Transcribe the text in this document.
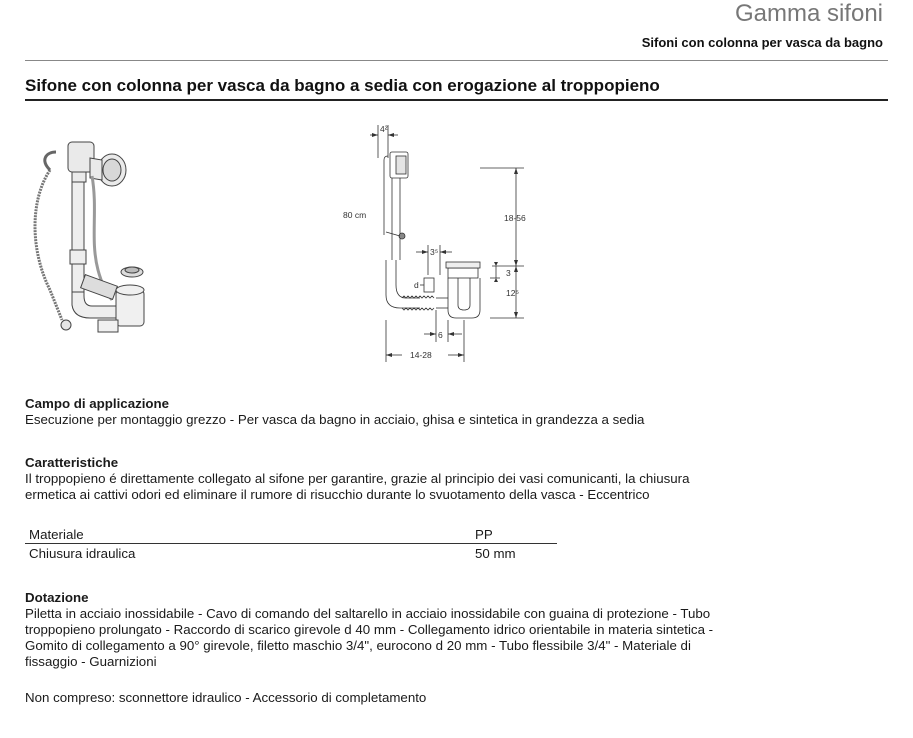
Gamma sifoni
Sifoni con colonna per vasca da bagno
Sifone con colonna per vasca da bagno a sedia con erogazione al troppopieno
4²
80 cm	18-56
3⁵
d
3
12⁵
6
14-28
Campo di applicazione

Esecuzione per montaggio grezzo - Per vasca da bagno in acciaio, ghisa e sintetica in grandezza a sedia

Caratteristiche

Il troppopieno é direttamente collegato al sifone per garantire, grazie al principio dei vasi comunicanti, la chiusura

ermetica ai cattivi odori ed eliminare il rumore di risucchio durante lo svuotamento della vasca - Eccentrico

Materiale	PP
Chiusura idraulica	50 mm
Dotazione

Piletta in acciaio inossidabile - Cavo di comando del saltarello in acciaio inossidabile con guaina di protezione - Tubo

troppopieno prolungato - Raccordo di scarico girevole d 40 mm - Collegamento idrico orientabile in materia sintetica -

Gomito di collegamento a 90° girevole, filetto maschio 3/4", eurocono d 20 mm - Tubo flessibile 3/4" - Materiale di

fissaggio - Guarnizioni

Non compreso: sconnettore idraulico - Accessorio di completamento
